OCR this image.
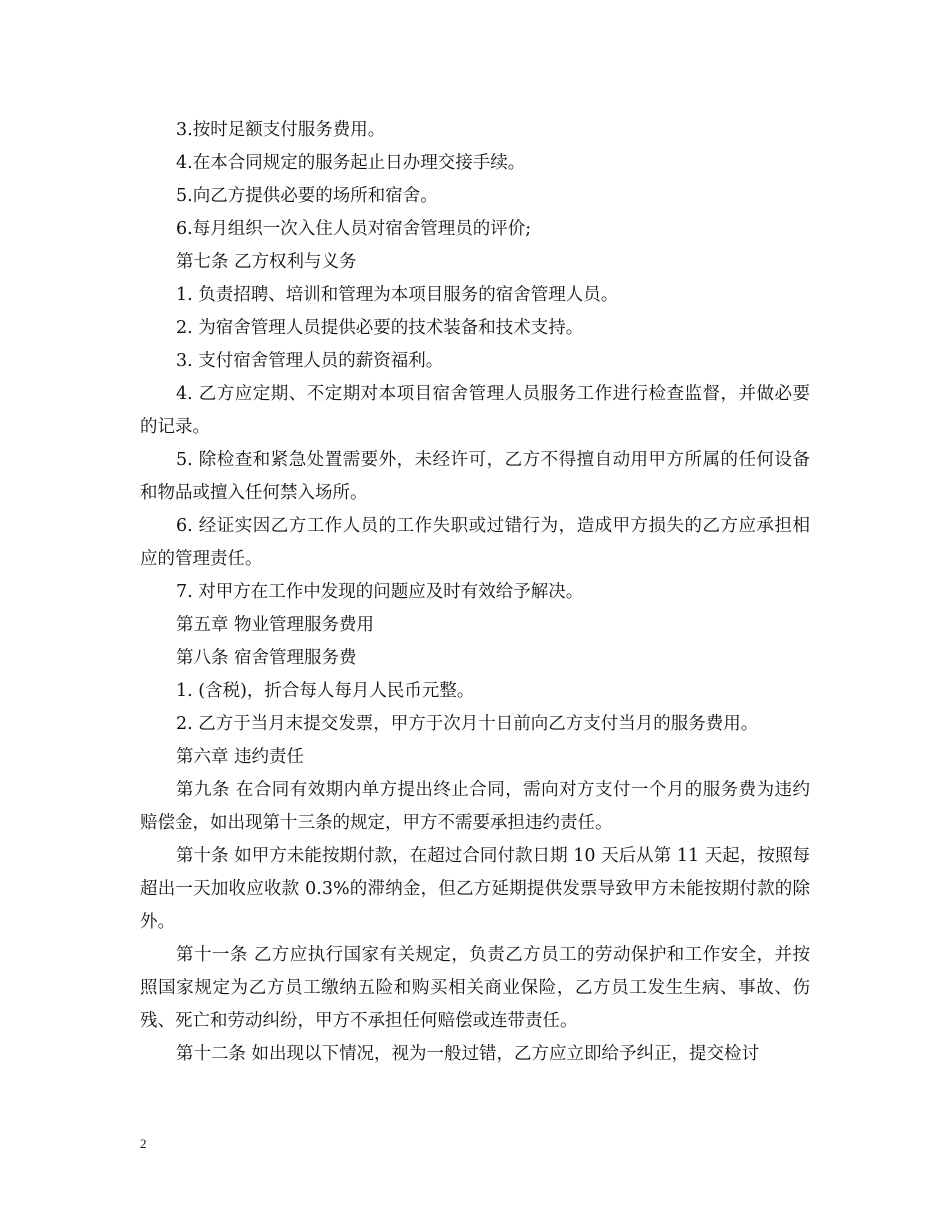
3.按时足额支付服务费用。

4.在本合同规定的服务起止日办理交接手续。

5.向乙方提供必要的场所和宿舍。

6.每月组织一次入住人员对宿舍管理员的评价;

第七条 乙方权利与义务

1. 负责招聘、培训和管理为本项目服务的宿舍管理人员。

2. 为宿舍管理人员提供必要的技术装备和技术支持。

3. 支付宿舍管理人员的薪资福利。

4. 乙方应定期、不定期对本项目宿舍管理人员服务工作进行检查监督，并做必要的记录。

5. 除检查和紧急处置需要外，未经许可，乙方不得擅自动用甲方所属的任何设备和物品或擅入任何禁入场所。

6. 经证实因乙方工作人员的工作失职或过错行为，造成甲方损失的乙方应承担相应的管理责任。

7. 对甲方在工作中发现的问题应及时有效给予解决。

第五章 物业管理服务费用

第八条 宿舍管理服务费

1. (含税)，折合每人每月人民币元整。

2. 乙方于当月末提交发票，甲方于次月十日前向乙方支付当月的服务费用。

第六章 违约责任

第九条 在合同有效期内单方提出终止合同，需向对方支付一个月的服务费为违约赔偿金，如出现第十三条的规定，甲方不需要承担违约责任。

第十条 如甲方未能按期付款，在超过合同付款日期 10 天后从第 11 天起，按照每超出一天加收应收款 0.3%的滞纳金，但乙方延期提供发票导致甲方未能按期付款的除外。

第十一条 乙方应执行国家有关规定，负责乙方员工的劳动保护和工作安全，并按照国家规定为乙方员工缴纳五险和购买相关商业保险，乙方员工发生生病、事故、伤残、死亡和劳动纠纷，甲方不承担任何赔偿或连带责任。

第十二条 如出现以下情况，视为一般过错，乙方应立即给予纠正，提交检讨

2
